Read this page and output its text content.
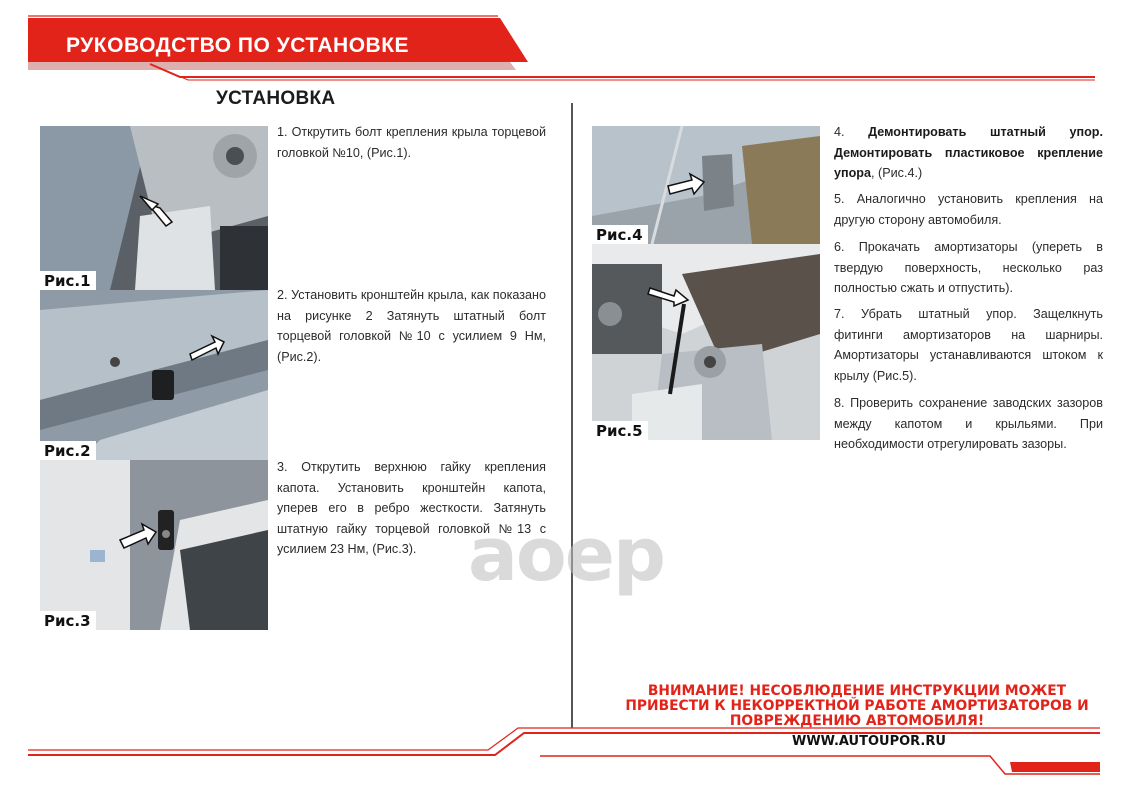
РУКОВОДСТВО ПО УСТАНОВКЕ
УСТАНОВКА
Рис.1
Рис.2
Рис.3
Рис.4
Рис.5
1. Открутить болт крепления крыла торцевой головкой №10, (Рис.1).
2. Установить кронштейн крыла, как показано на рисунке 2 Затянуть штатный болт торцевой головкой №10 с усилием 9 Нм, (Рис.2).
3. Открутить верхнюю гайку крепления капота. Установить кронштейн капота, уперев его в ребро жесткости. Затянуть штатную гайку торцевой головкой №13 с усилием 23 Нм, (Рис.3).
4. Демонтировать штатный упор. Демонтировать пластиковое крепление упора, (Рис.4.)
5. Аналогично установить крепления на другую сторону автомобиля.
6. Прокачать амортизаторы (упереть в твердую поверхность, несколько раз полностью сжать и отпустить).
7. Убрать штатный упор. Защелкнуть фитинги амортизаторов на шарниры. Амортизаторы устанавливаются штоком к крылу (Рис.5).
8. Проверить сохранение заводских зазоров между капотом и крыльями. При необходимости отрегулировать зазоры.
aoep
ВНИМАНИЕ! НЕСОБЛЮДЕНИЕ ИНСТРУКЦИИ МОЖЕТ ПРИВЕСТИ К НЕКОРРЕКТНОЙ РАБОТЕ АМОРТИЗАТОРОВ И ПОВРЕЖДЕНИЮ АВТОМОБИЛЯ!
WWW.AUTOUPOR.RU
